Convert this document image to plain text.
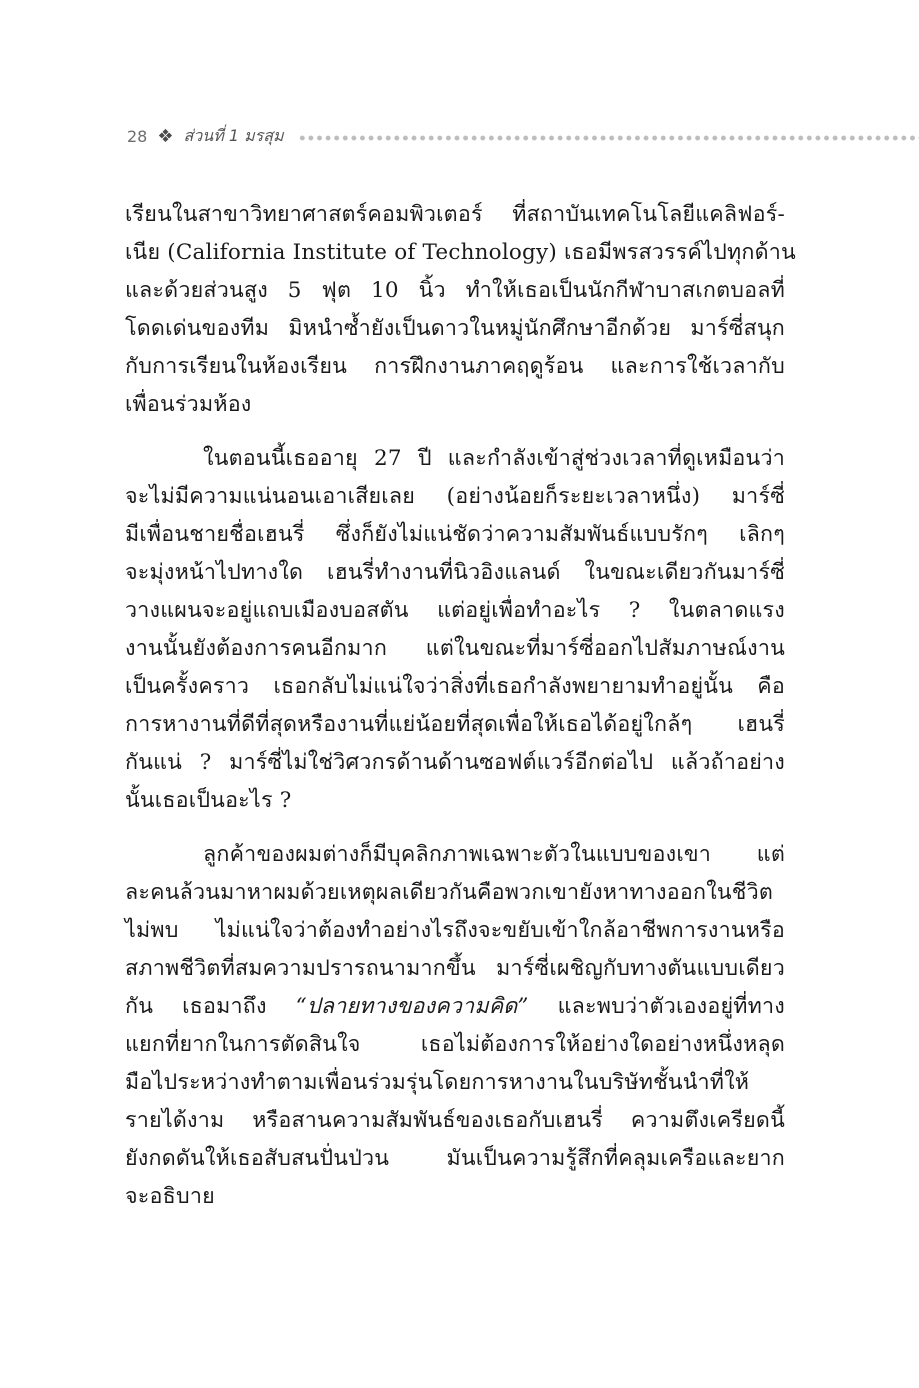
28 ❖ ส่วนที่ 1 มรสุม
เรียนในสาขาวิทยาศาสตร์คอมพิวเตอร์ ที่สถาบันเทคโนโลยีแคลิฟอร์-
เนีย (California Institute of Technology) เธอมีพรสวรรค์ไปทุกด้าน
และด้วยส่วนสูง 5 ฟุต 10 นิ้ว ทำให้เธอเป็นนักกีฬาบาสเกตบอลที่
โดดเด่นของทีม มิหนำซ้ำยังเป็นดาวในหมู่นักศึกษาอีกด้วย มาร์ซี่สนุก
กับการเรียนในห้องเรียน การฝึกงานภาคฤดูร้อน และการใช้เวลากับ
เพื่อนร่วมห้อง
ในตอนนี้เธออายุ 27 ปี และกำลังเข้าสู่ช่วงเวลาที่ดูเหมือนว่า
จะไม่มีความแน่นอนเอาเสียเลย (อย่างน้อยก็ระยะเวลาหนึ่ง) มาร์ซี่
มีเพื่อนชายชื่อเฮนรี่ ซึ่งก็ยังไม่แน่ชัดว่าความสัมพันธ์แบบรักๆ เลิกๆ
จะมุ่งหน้าไปทางใด เฮนรี่ทำงานที่นิวอิงแลนด์ ในขณะเดียวกันมาร์ซี่
วางแผนจะอยู่แถบเมืองบอสตัน แต่อยู่เพื่อทำอะไร ? ในตลาดแรง
งานนั้นยังต้องการคนอีกมาก แต่ในขณะที่มาร์ซี่ออกไปสัมภาษณ์งาน
เป็นครั้งคราว เธอกลับไม่แน่ใจว่าสิ่งที่เธอกำลังพยายามทำอยู่นั้น คือ
การหางานที่ดีที่สุดหรืองานที่แย่น้อยที่สุดเพื่อให้เธอได้อยู่ใกล้ๆ เฮนรี่
กันแน่ ? มาร์ซี่ไม่ใช่วิศวกรด้านด้านซอฟต์แวร์อีกต่อไป แล้วถ้าอย่าง
นั้นเธอเป็นอะไร ?
ลูกค้าของผมต่างก็มีบุคลิกภาพเฉพาะตัวในแบบของเขา แต่
ละคนล้วนมาหาผมด้วยเหตุผลเดียวกันคือพวกเขายังหาทางออกในชีวิต
ไม่พบ ไม่แน่ใจว่าต้องทำอย่างไรถึงจะขยับเข้าใกล้อาชีพการงานหรือ
สภาพชีวิตที่สมความปรารถนามากขึ้น มาร์ซี่เผชิญกับทางตันแบบเดียว
กัน เธอมาถึง “ปลายทางของความคิด” และพบว่าตัวเองอยู่ที่ทาง
แยกที่ยากในการตัดสินใจ เธอไม่ต้องการให้อย่างใดอย่างหนึ่งหลุด
มือไประหว่างทำตามเพื่อนร่วมรุ่นโดยการหางานในบริษัทชั้นนำที่ให้
รายได้งาม หรือสานความสัมพันธ์ของเธอกับเฮนรี่ ความตึงเครียดนี้
ยังกดดันให้เธอสับสนปั่นป่วน มันเป็นความรู้สึกที่คลุมเครือและยาก
จะอธิบาย
